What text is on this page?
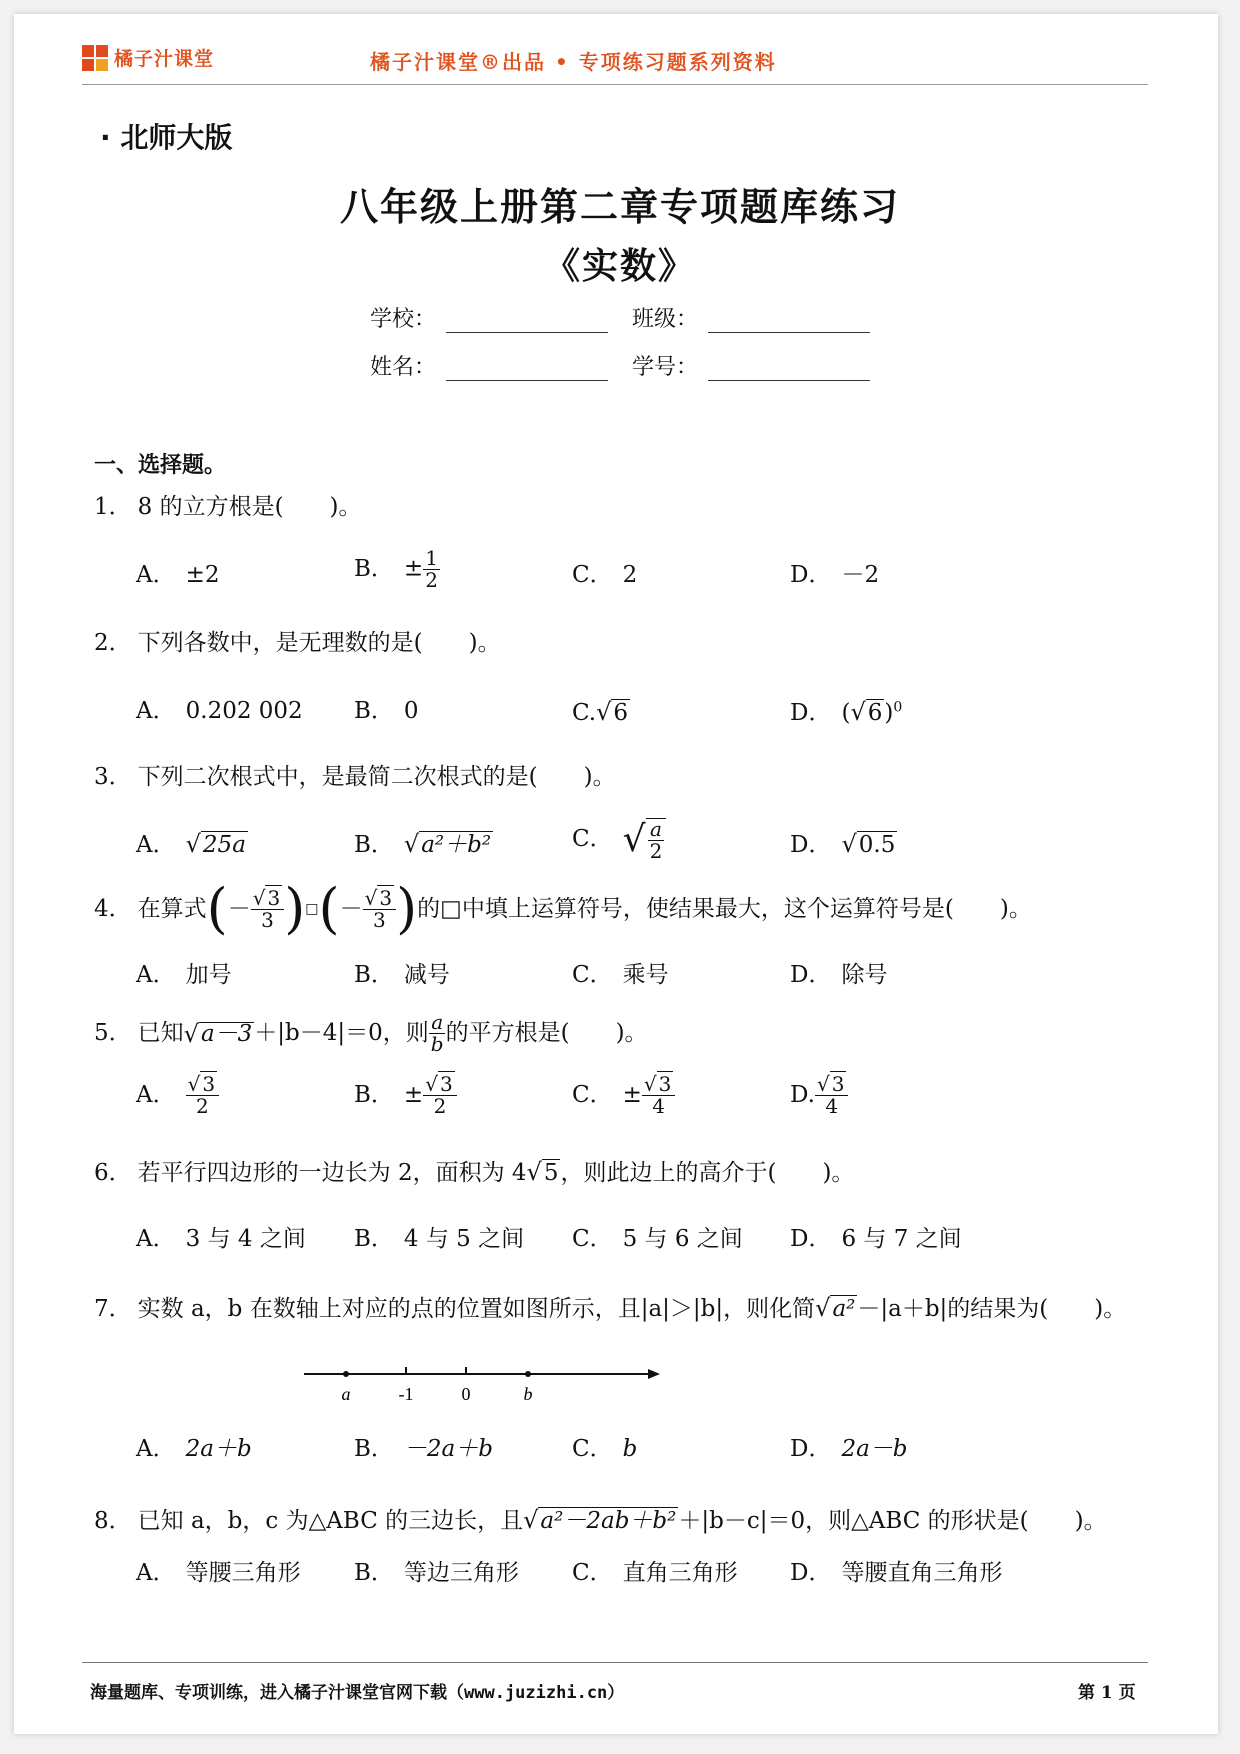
橘子汁课堂	橘子汁课堂®出品 • 专项练习题系列资料
· 北师大版
八年级上册第二章专项题库练习
《实数》
学校：	班级：
姓名：	学号：
一、选择题。
1． 8 的立方根是(　　)。
A． ±2	B． ± $\frac{1}{2}$	C． 2	D． －2
2． 下列各数中，是无理数的是(　　)。
A． 0.202 002 B． 0	C.√6	D． $(√6)^0$
3． 下列二次根式中，是最简二次根式的是(　　)。
A． √25a	B． √a²＋b²	C． √ $\frac{a}{2}$	D． √0.5
4． 在算式 ( － $\frac{√ 3}{3}$ ) □ ( － $\frac{√ 3}{3}$ ) 的□中填上运算符号，使结果最大，这个运算符号是(　　)。
A． 加号	B． 减号	C． 乘号	D． 除号
5． 已知 √ a－3 ＋|b－4|＝0，则 $\frac{a}{b}$ 的平方根是(　　)。
A． $\frac{√ 3}{2}$	B． ± $\frac{√ 3}{2}$	C． ± $\frac{√ 3}{4}$	D. $\frac{√ 3}{4}$
6． 若平行四边形的一边长为 2，面积为 4√5，则此边上的高介于(　　)。
A． 3 与 4 之间 B． 4 与 5 之间 C． 5 与 6 之间 D． 6 与 7 之间
7． 实数 a，b 在数轴上对应的点的位置如图所示，且|a|＞|b|，则化简√a²－|a＋b|的结果为(　　)。
a	-1	0	b
A． 2a＋b	B． －2a＋b	C． b	D． 2a－b
8． 已知 a，b，c 为△ABC 的三边长，且√a²－2ab＋b²＋|b－c|＝0，则△ABC 的形状是(　　)。
A． 等腰三角形 B． 等边三角形 C． 直角三角形 D． 等腰直角三角形
海量题库、专项训练，进入橘子汁课堂官网下载（www.juzizhi.cn）	第 1 页
